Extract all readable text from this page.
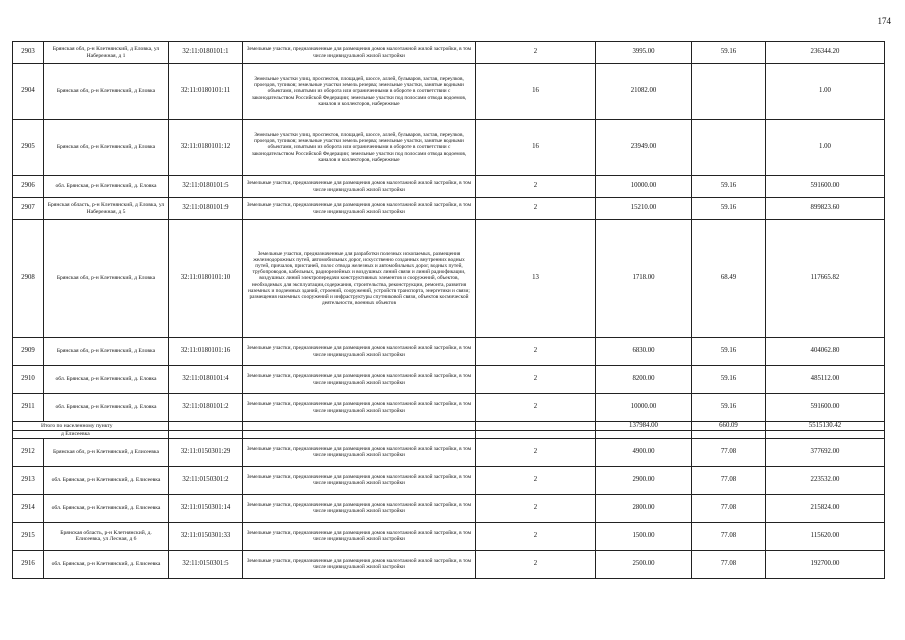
174
2903	Брянская обл, р-н Клетнянский, д Еловка, ул Набережная, д 1	32:11:0180101:1	Земельные участки, предназначенные для размещения домов малоэтажной жилой застройки, в том числе индивидуальной жилой застройки	2	3995.00	59.16	236344.20
2904	Брянская обл, р-н Клетнянский, д Еловка	32:11:0180101:11	Земельные участки улиц, проспектов, площадей, шоссе, аллей, бульваров, застав, переулков, проездов, тупиков; земельные участки земель резерва; земельные участки, занятые водными объектами, изъятыми из оборота или ограниченными в обороте в соответствии с законодательством Российской Федерации; земельные участки под полосами отвода водоемов, каналов и коллекторов, набережные	16	21082.00		1.00
2905	Брянская обл, р-н Клетнянский, д Еловка	32:11:0180101:12	Земельные участки улиц, проспектов, площадей, шоссе, аллей, бульваров, застав, переулков, проездов, тупиков; земельные участки земель резерва; земельные участки, занятые водными объектами, изъятыми из оборота или ограниченными в обороте в соответствии с законодательством Российской Федерации; земельные участки под полосами отвода водоемов, каналов и коллекторов, набережные	16	23949.00		1.00
2906	обл. Брянская, р-н Клетнянский, д. Еловка	32:11:0180101:5	Земельные участки, предназначенные для размещения домов малоэтажной жилой застройки, в том числе индивидуальной жилой застройки	2	10000.00	59.16	591600.00
2907	Брянская область, р-н Клетнянский, д Еловка, ул Набережная, д 5	32:11:0180101:9	Земельные участки, предназначенные для размещения домов малоэтажной жилой застройки, в том числе индивидуальной жилой застройки	2	15210.00	59.16	899823.60
2908	Брянская обл, р-н Клетнянский, д Еловка	32:11:0180101:10	Земельные участки, предназначенные для разработки полезных ископаемых, размещения железнодорожных путей, автомобильных дорог, искусственно созданных внутренних водных путей, причалов, пристаней, полос отвода железных и автомобильных дорог, водных путей, трубопроводов, кабельных, радиорелейных и воздушных линий связи и линий радиофикации, воздушных линий электропередачи конструктивных элементов и сооружений, объектов, необходимых для эксплуатации,содержания, строительства, реконструкции, ремонта, развития наземных и подземных зданий, строений, сооружений, устройств транспорта, энергетики и связи; размещения наземных сооружений и инфраструктуры спутниковой связи, объектов космической деятельности, военных объектов	13	1718.00	68.49	117665.82
2909	Брянская обл, р-н Клетнянский, д Еловка	32:11:0180101:16	Земельные участки, предназначенные для размещения домов малоэтажной жилой застройки, в том числе индивидуальной жилой застройки	2	6830.00	59.16	404062.80
2910	обл. Брянская, р-н Клетнянский, д. Еловка	32:11:0180101:4	Земельные участки, предназначенные для размещения домов малоэтажной жилой застройки, в том числе индивидуальной жилой застройки	2	8200.00	59.16	485112.00
2911	обл. Брянская, р-н Клетнянский, д. Еловка	32:11:0180101:2	Земельные участки, предназначенные для размещения домов малоэтажной жилой застройки, в том числе индивидуальной жилой застройки	2	10000.00	59.16	591600.00
Итого по населенному пункту					137984.00	660.09	5515130.42
д Елисеевка							
2912	Брянская обл, р-н Клетнянский, д Елисеевка	32:11:0150301:29	Земельные участки, предназначенные для размещения домов малоэтажной жилой застройки, в том числе индивидуальной жилой застройки	2	4900.00	77.08	377692.00
2913	обл. Брянская, р-н Клетнянский, д. Елисеевка	32:11:0150301:2	Земельные участки, предназначенные для размещения домов малоэтажной жилой застройки, в том числе индивидуальной жилой застройки	2	2900.00	77.08	223532.00
2914	обл. Брянская, р-н Клетнянский, д. Елисеевка	32:11:0150301:14	Земельные участки, предназначенные для размещения домов малоэтажной жилой застройки, в том числе индивидуальной жилой застройки	2	2800.00	77.08	215824.00
2915	Брянская область, р-н Клетнянский, д. Елисеевка, ул Лесная, д 6	32:11:0150301:33	Земельные участки, предназначенные для размещения домов малоэтажной жилой застройки, в том числе индивидуальной жилой застройки	2	1500.00	77.08	115620.00
2916	обл. Брянская, р-н Клетнянский, д. Елисеевка	32:11:0150301:5	Земельные участки, предназначенные для размещения домов малоэтажной жилой застройки, в том числе индивидуальной жилой застройки	2	2500.00	77.08	192700.00
